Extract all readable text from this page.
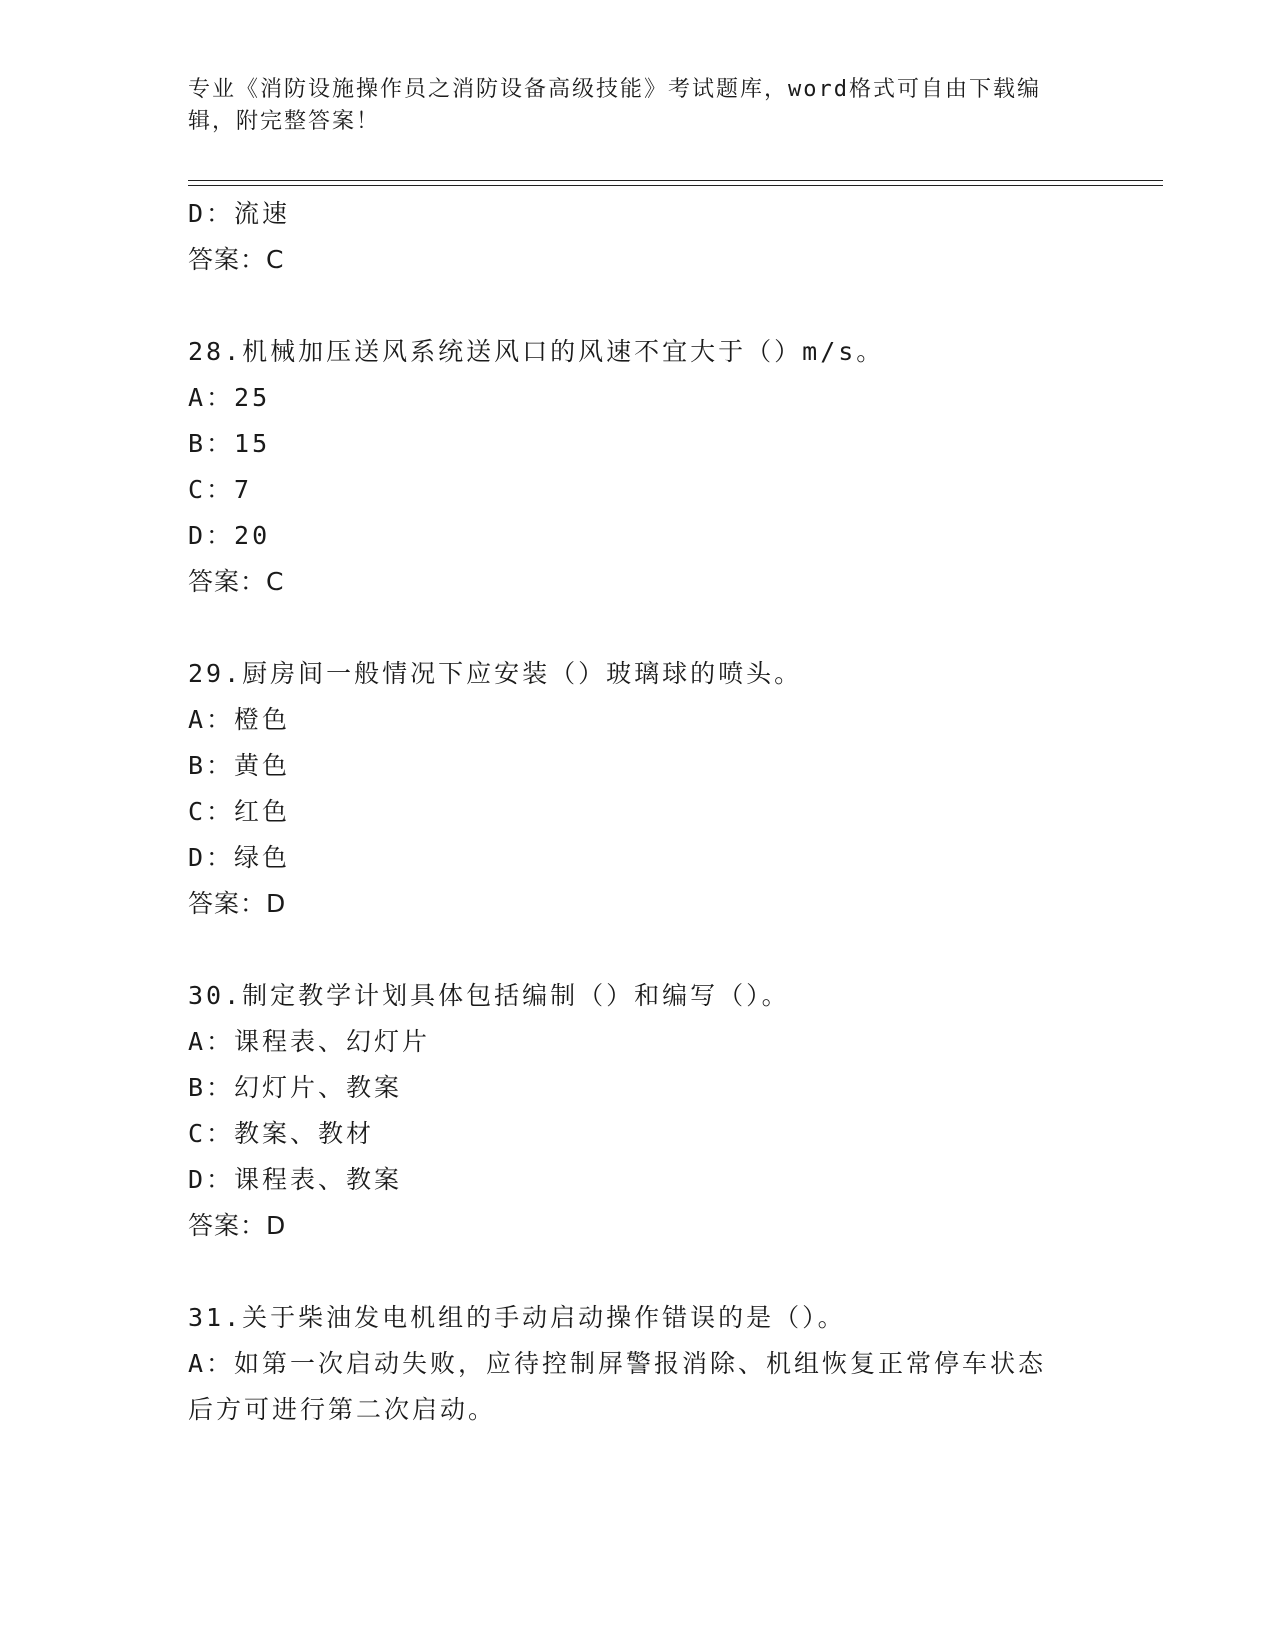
专业《消防设施操作员之消防设备高级技能》考试题库，word格式可自由下载编
辑，附完整答案！
D：流速
答案：C
28.机械加压送风系统送风口的风速不宜大于（）m/s。
A：25
B：15
C：7
D：20
答案：C
29.厨房间一般情况下应安装（）玻璃球的喷头。
A：橙色
B：黄色
C：红色
D：绿色
答案：D
30.制定教学计划具体包括编制（）和编写（）。
A：课程表、幻灯片
B：幻灯片、教案
C：教案、教材
D：课程表、教案
答案：D
31.关于柴油发电机组的手动启动操作错误的是（）。
A：如第一次启动失败，应待控制屏警报消除、机组恢复正常停车状态后方可进行第二次启动。
